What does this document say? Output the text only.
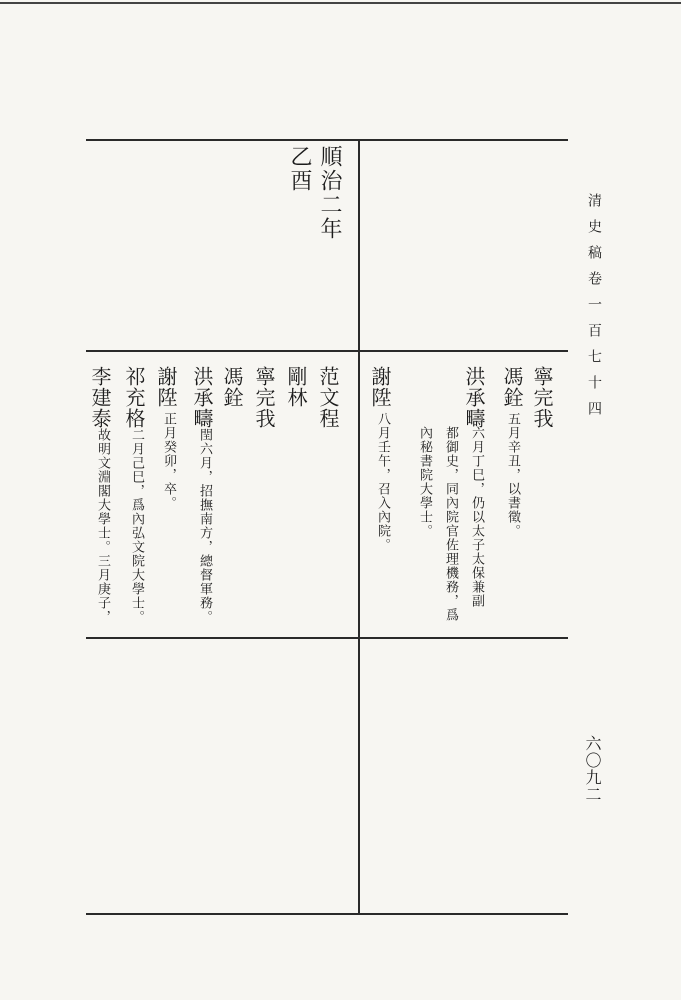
清史稿卷一百七十四
六〇九二
順治二年
乙酉
寧完我
馮銓
五月辛丑，以書徵。
洪承疇
六月丁巳，仍以太子太保兼副
都御史，同內院官佐理機務，爲
內秘書院大學士。
謝陞
八月壬午，召入內院。
范文程
剛林
寧完我
馮銓
洪承疇
閏六月，招撫南方，總督軍務。
謝陞
正月癸卯，卒。
祁充格
二月己巳，爲內弘文院大學士。
李建泰
故明文淵閣大學士。三月庚子，
